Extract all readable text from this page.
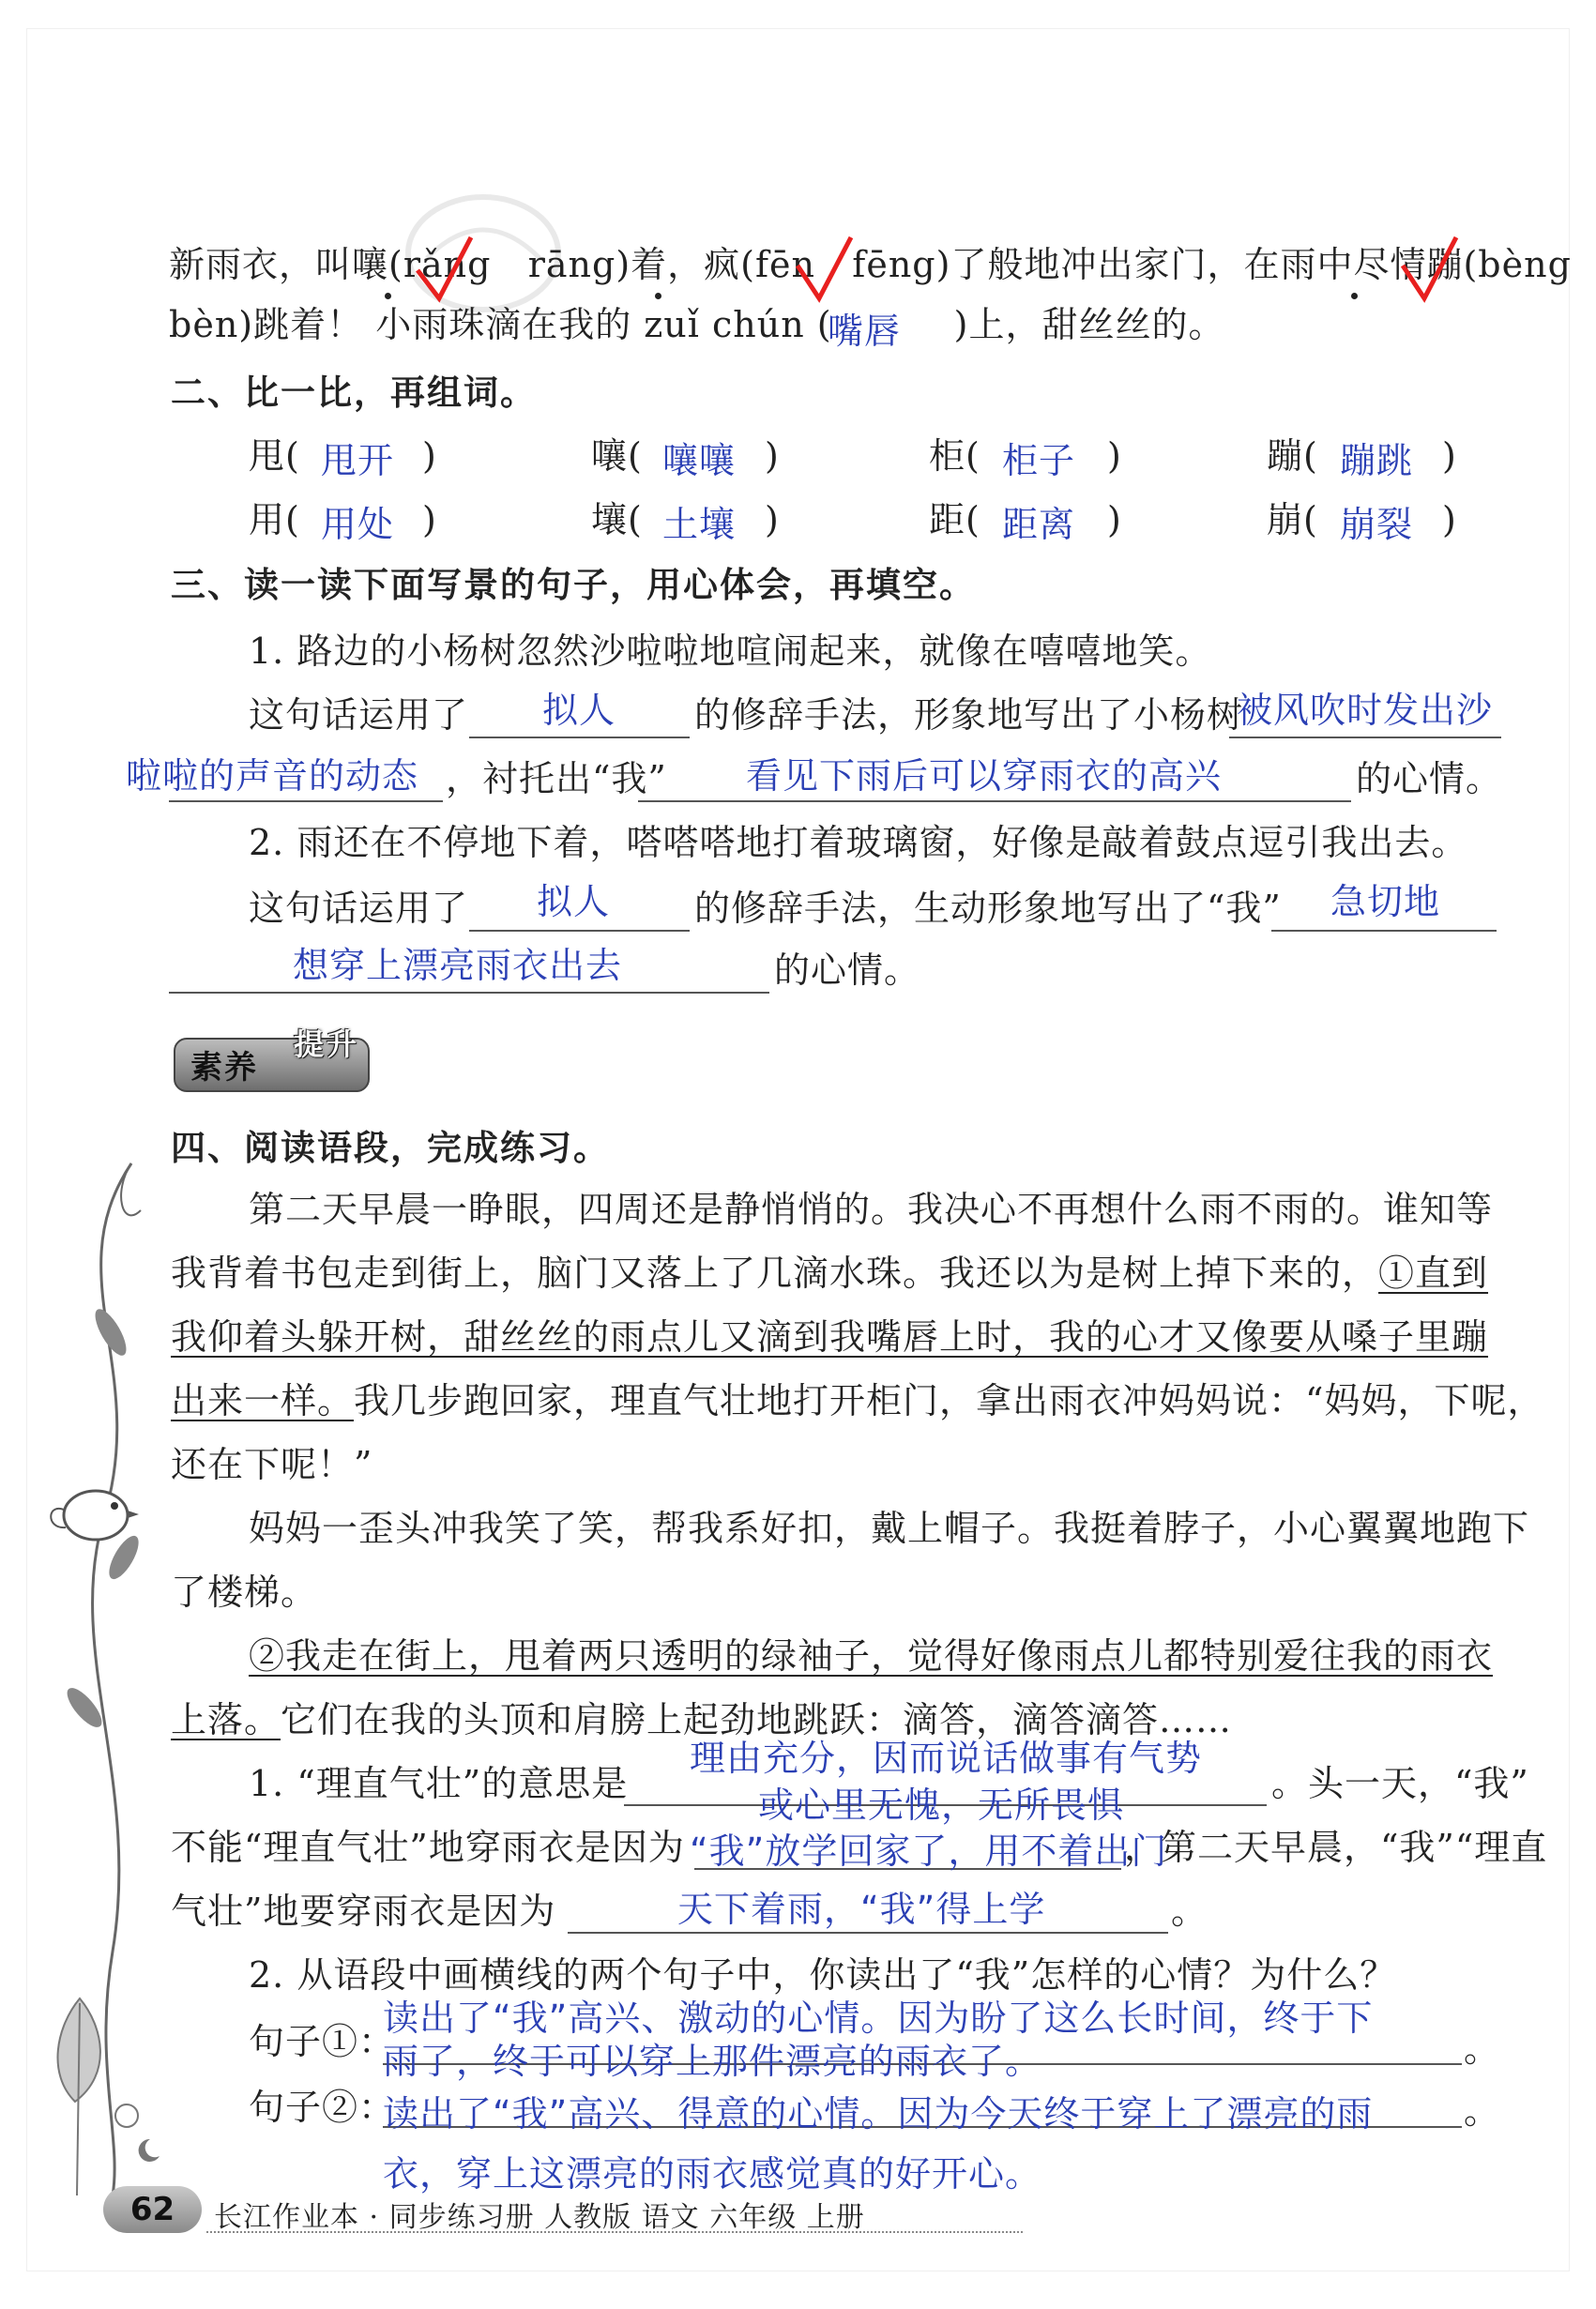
新雨衣，叫嚷(rǎng rāng)着，疯(fēn fēng)了般地冲出家门，在雨中尽情蹦(bèng
bèn)跳着！ 小雨珠滴在我的 zuǐ chún (	)上，甜丝丝的。
嘴唇
二、比一比，再组词。
甩( 甩开 )	嚷( 嚷嚷 )	柜( 柜子 )	蹦( 蹦跳 )
用( 用处 )	壤( 土壤 )	距( 距离 )	崩( 崩裂 )
三、读一读下面写景的句子，用心体会，再填空。
1. 路边的小杨树忽然沙啦啦地喧闹起来，就像在嘻嘻地笑。
这句话运用了 拟人 的修辞手法，形象地写出了小杨树
被风吹时发出沙
啦啦的声音的动态 ，衬托出“我” 看见下雨后可以穿雨衣的高兴	的心情。
2. 雨还在不停地下着，嗒嗒嗒地打着玻璃窗，好像是敲着鼓点逗引我出去。
这句话运用了 拟人 的修辞手法，生动形象地写出了“我” 急切地
想穿上漂亮雨衣出去	的心情。
素养
提升
四、阅读语段，完成练习。
第二天早晨一睁眼，四周还是静悄悄的。我决心不再想什么雨不雨的。谁知等
我背着书包走到街上，脑门又落上了几滴水珠。我还以为是树上掉下来的，①直到
我仰着头躲开树，甜丝丝的雨点儿又滴到我嘴唇上时，我的心才又像要从嗓子里蹦
出来一样。我几步跑回家，理直气壮地打开柜门，拿出雨衣冲妈妈说：“妈妈，下呢，
还在下呢！”
妈妈一歪头冲我笑了笑，帮我系好扣，戴上帽子。我挺着脖子，小心翼翼地跑下
了楼梯。
②我走在街上，甩着两只透明的绿袖子，觉得好像雨点儿都特别爱往我的雨衣
上落。它们在我的头顶和肩膀上起劲地跳跃：滴答，滴答滴答……
1. “理直气壮”的意思是
理由充分，因而说话做事有气势
或心里无愧，无所畏惧
。头一天，“我”
不能“理直气壮”地穿雨衣是因为 “我”放学回家了，用不着出门
，第二天早晨，“我”“理直
气壮”地要穿雨衣是因为	天下着雨，“我”得上学	。
2. 从语段中画横线的两个句子中，你读出了“我”怎样的心情？为什么？
读出了“我”高兴、激动的心情。因为盼了这么长时间，终于下
句子①：
雨了，终于可以穿上那件漂亮的雨衣了。	。
句子②：
读出了“我”高兴、得意的心情。因为今天终于穿上了漂亮的雨	。
衣，穿上这漂亮的雨衣感觉真的好开心。
62	长江作业本 · 同步练习册 人教版 语文 六年级 上册
